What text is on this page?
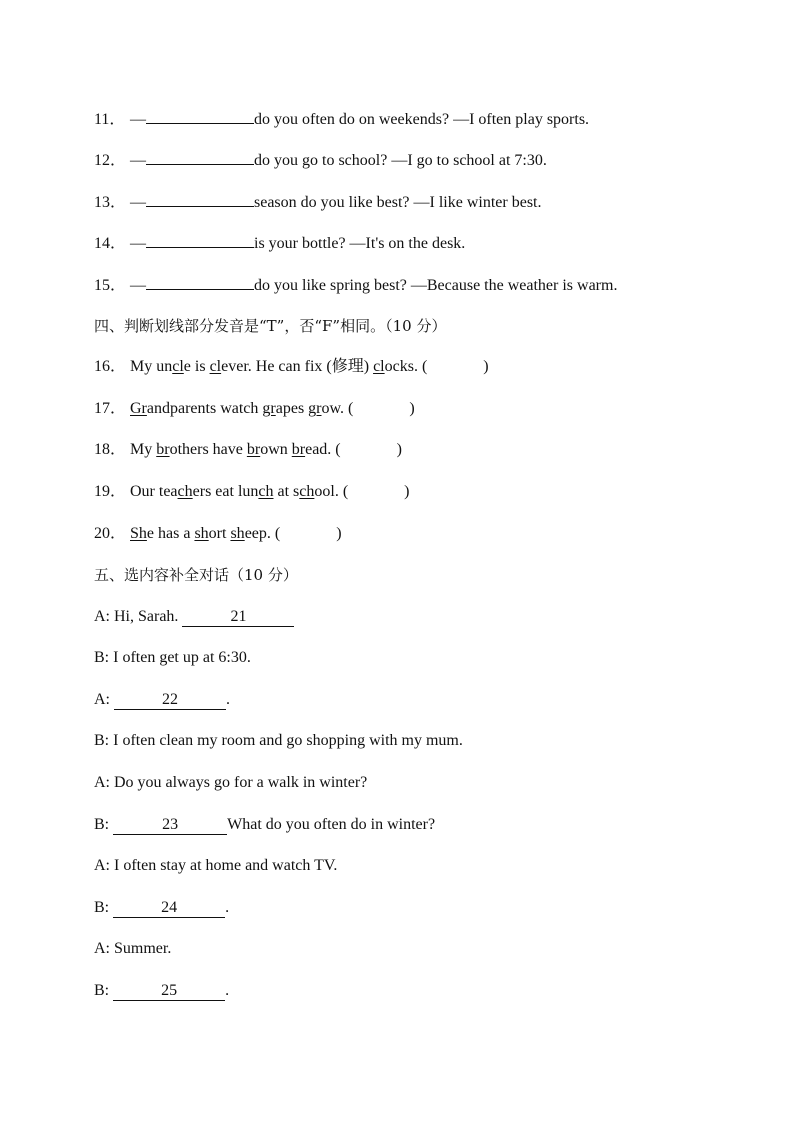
11． —	do you often do on weekends? —I often play sports.
12． —	do you go to school? —I go to school at 7:30.
13． —	season do you like best? —I like winter best.
14． —	is your bottle? —It's on the desk.
15． —	do you like spring best? —Because the weather is warm.
四、判断划线部分发音是“T”，否“F”相同。（10 分）
16． My uncle is clever. He can fix (修理) clocks. (	)
17． Grandparents watch grapes grow. (	)
18． My brothers have brown bread. (	)
19． Our teachers eat lunch at school. (	)
20． She has a short sheep. (	)
五、选内容补全对话（10 分）
A: Hi, Sarah.	21
B: I often get up at 6:30.
A:	22	.
B: I often clean my room and go shopping with my mum.
A: Do you always go for a walk in winter?
B:	23	What do you often do in winter?
A: I often stay at home and watch TV.
B:	24	.
A: Summer.
B:	25	.
